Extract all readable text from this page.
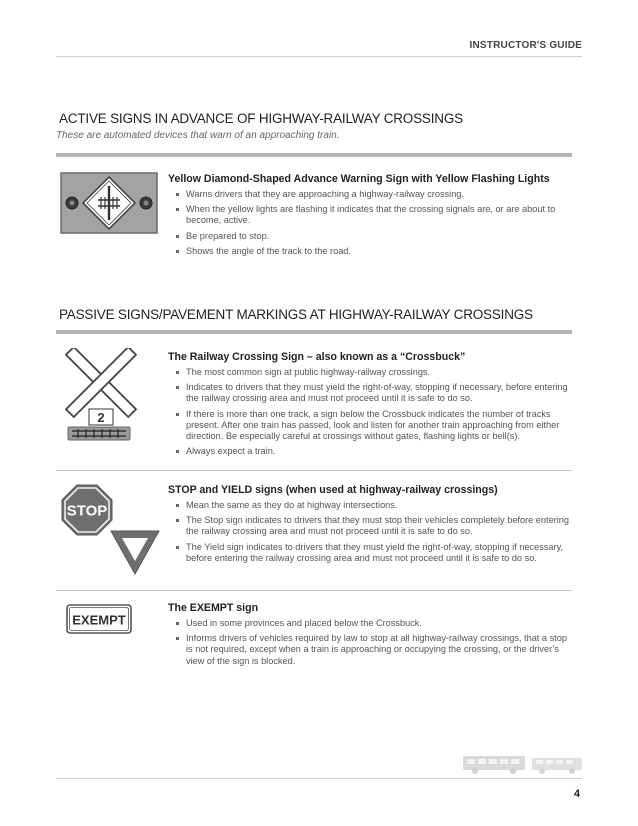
INSTRUCTOR'S GUIDE
ACTIVE SIGNS IN ADVANCE OF HIGHWAY-RAILWAY CROSSINGS
These are automated devices that warn of an approaching train.
Yellow Diamond-Shaped Advance Warning Sign with Yellow Flashing Lights
Warns drivers that they are approaching a highway-railway crossing.
When the yellow lights are flashing it indicates that the crossing signals are, or are about to become, active.
Be prepared to stop.
Shows the angle of the track to the road.
PASSIVE SIGNS/PAVEMENT MARKINGS AT HIGHWAY-RAILWAY CROSSINGS
2
The Railway Crossing Sign – also known as a “Crossbuck”
The most common sign at public highway-railway crossings.
Indicates to drivers that they must yield the right-of-way, stopping if necessary, before entering the railway crossing area and must not proceed until it is safe to do so.
If there is more than one track, a sign below the Crossbuck indicates the number of tracks present. After one train has passed, look and listen for another train approaching from either direction. Be especially careful at crossings without gates, flashing lights or bell(s).
Always expect a train.
STOP
STOP and YIELD signs (when used at highway-railway crossings)
Mean the same as they do at highway intersections.
The Stop sign indicates to drivers that they must stop their vehicles completely before entering the railway crossing area and must not proceed until it is safe to do so.
The Yield sign indicates to drivers that they must yield the right-of-way, stopping if necessary, before entering the railway crossing area and must not proceed until it is safe to do so.
EXEMPT
The EXEMPT sign
Used in some provinces and placed below the Crossbuck.
Informs drivers of vehicles required by law to stop at all highway-railway crossings, that a stop is not required, except when a train is approaching or occupying the crossing, or the driver’s view of the sign is blocked.
4
